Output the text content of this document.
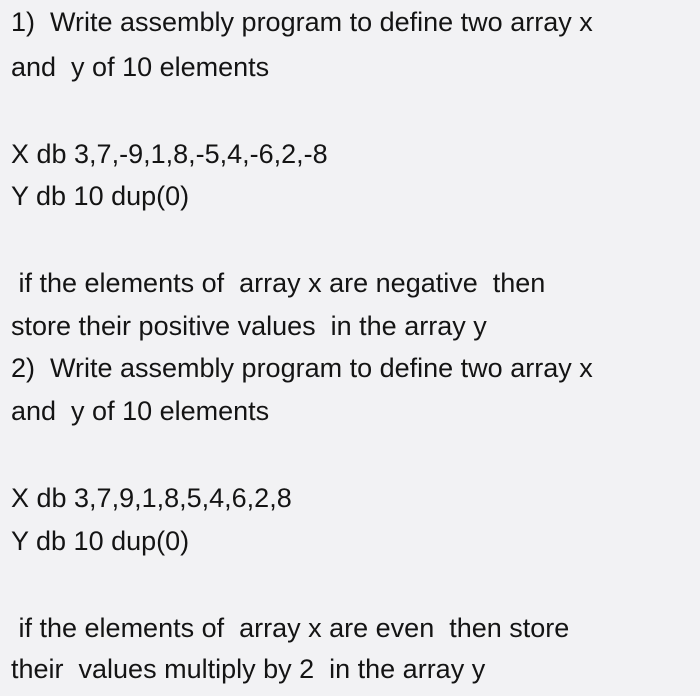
1)  Write assembly program to define two array x
and  y of 10 elements
X db 3,7,-9,1,8,-5,4,-6,2,-8
Y db 10 dup(0)
if the elements of  array x are negative  then
store their positive values  in the array y
2)  Write assembly program to define two array x
and  y of 10 elements
X db 3,7,9,1,8,5,4,6,2,8
Y db 10 dup(0)
if the elements of  array x are even  then store
their  values multiply by 2  in the array y
